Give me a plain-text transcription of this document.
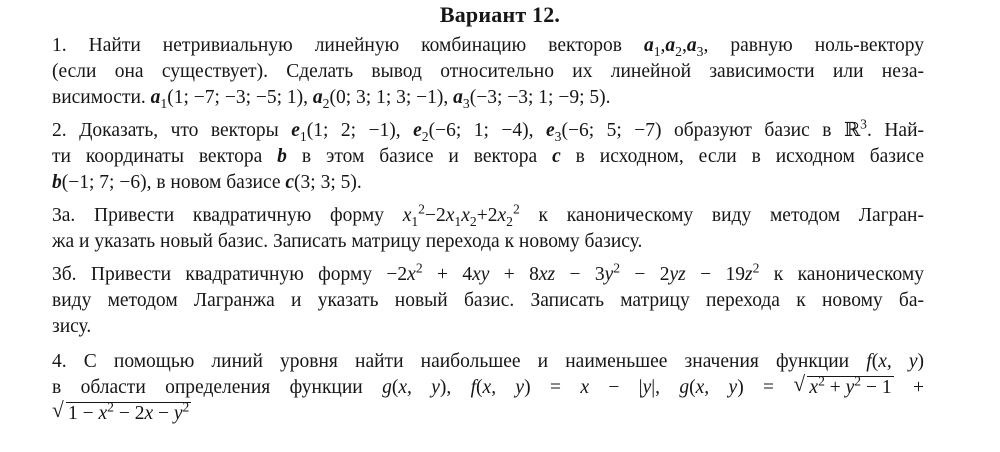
Вариант 12.
1. Найти нетривиальную линейную комбинацию векторов $a_1,a_2,a_3$, равную ноль-вектору
(если она существует). Сделать вывод относительно их линейной зависимости или неза-
висимости. $a_1(1$; −7; −3; −5; 1), $a_2(0$; 3; 1; 3; −1), $a_3(-3$; −3; 1; −9; 5).
2. Доказать, что векторы $e_1(1$; 2; −1), $e_2(-6$; 1; −4), $e_3(-6$; 5; −7) образуют базис в ℝ$^3$. Най-
ти координаты вектора b в этом базисе и вектора c в исходном, если в исходном базисе
b(−1; 7; −6), в новом базисе c(3; 3; 5).
3а. Привести квадратичную форму $x_1^2-2x_1x_2+2x_2^2$ к каноническому виду методом Лагран-
жа и указать новый базис. Записать матрицу перехода к новому базису.
3б. Привести квадратичную форму $-2x^2 + 4xy + 8xz - 3y^2 - 2yz - 19z^2$ к каноническому
виду методом Лагранжа и указать новый базис. Записать матрицу перехода к новому ба-
зису.
4. С помощью линий уровня найти наибольшее и наименьшее значения функции f(x, y)
в области определения функции g(x, y), f(x, y) = x − |y|, g(x, y) = √ $x^2 + y^2 - 1$ +
√ $1 - x^2 - 2x - y^2$
